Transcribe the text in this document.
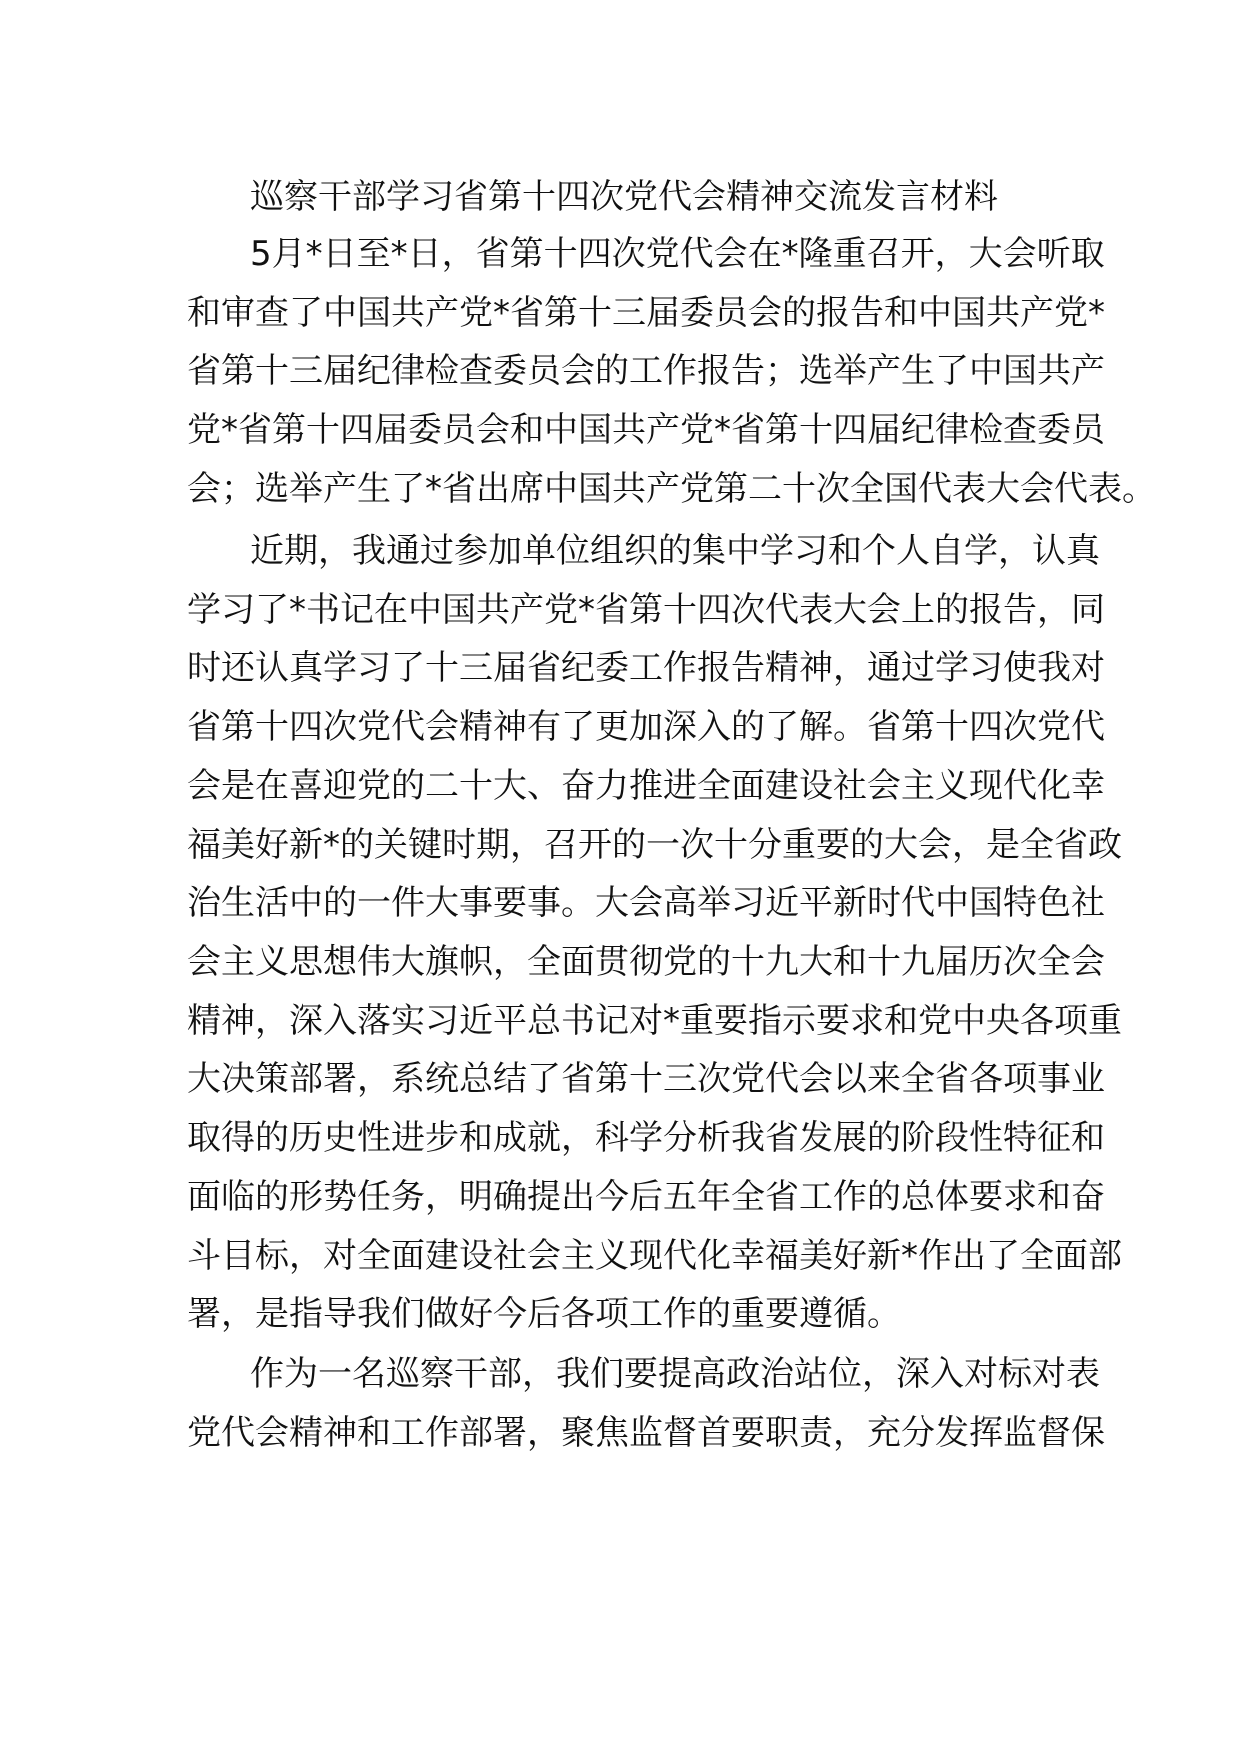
巡察干部学习省第十四次党代会精神交流发言材料
5月*日至*日，省第十四次党代会在*隆重召开，大会听取
和审查了中国共产党*省第十三届委员会的报告和中国共产党*
省第十三届纪律检查委员会的工作报告；选举产生了中国共产
党*省第十四届委员会和中国共产党*省第十四届纪律检查委员
会；选举产生了*省出席中国共产党第二十次全国代表大会代表。
近期，我通过参加单位组织的集中学习和个人自学，认真
学习了*书记在中国共产党*省第十四次代表大会上的报告，同
时还认真学习了十三届省纪委工作报告精神，通过学习使我对
省第十四次党代会精神有了更加深入的了解。省第十四次党代
会是在喜迎党的二十大、奋力推进全面建设社会主义现代化幸
福美好新*的关键时期，召开的一次十分重要的大会，是全省政
治生活中的一件大事要事。大会高举习近平新时代中国特色社
会主义思想伟大旗帜，全面贯彻党的十九大和十九届历次全会
精神，深入落实习近平总书记对*重要指示要求和党中央各项重
大决策部署，系统总结了省第十三次党代会以来全省各项事业
取得的历史性进步和成就，科学分析我省发展的阶段性特征和
面临的形势任务，明确提出今后五年全省工作的总体要求和奋
斗目标，对全面建设社会主义现代化幸福美好新*作出了全面部
署，是指导我们做好今后各项工作的重要遵循。
作为一名巡察干部，我们要提高政治站位，深入对标对表
党代会精神和工作部署，聚焦监督首要职责，充分发挥监督保
